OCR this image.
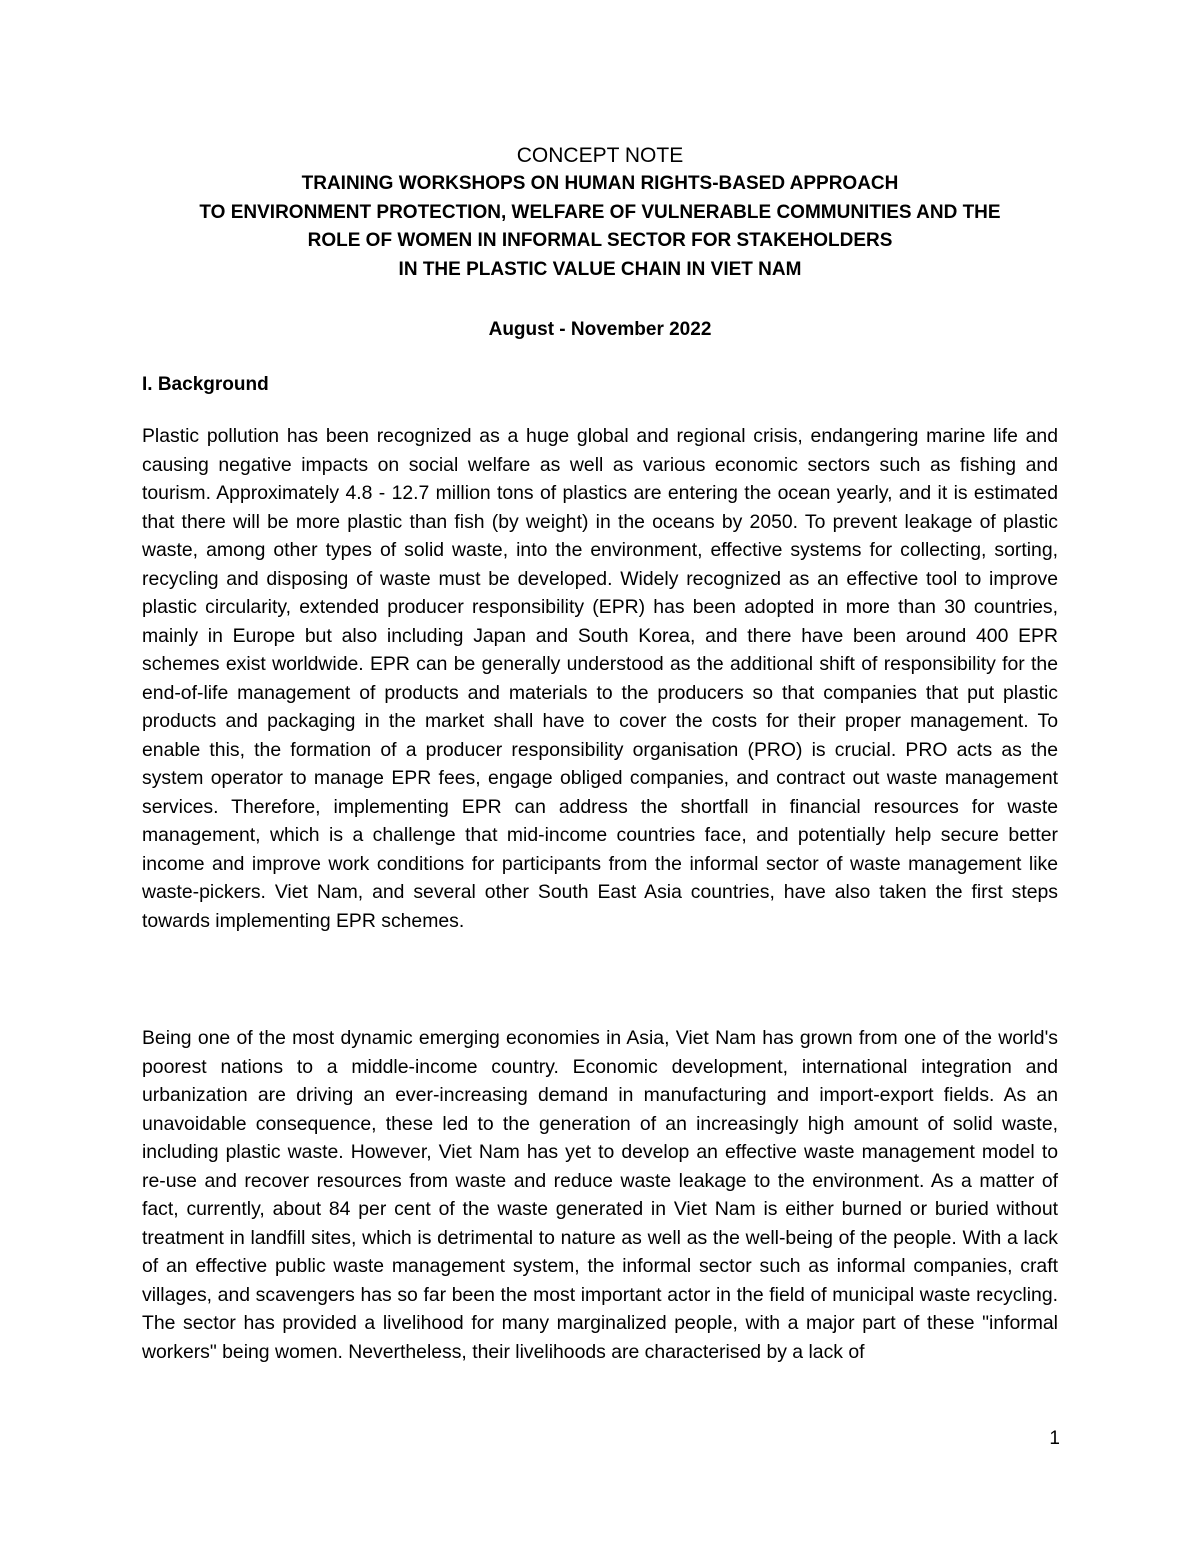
CONCEPT NOTE
TRAINING WORKSHOPS ON HUMAN RIGHTS-BASED APPROACH
TO ENVIRONMENT PROTECTION, WELFARE OF VULNERABLE COMMUNITIES AND THE
ROLE OF WOMEN IN INFORMAL SECTOR FOR STAKEHOLDERS
IN THE PLASTIC VALUE CHAIN IN VIET NAM
August - November 2022
I. Background

Plastic pollution has been recognized as a huge global and regional crisis, endangering marine life and causing negative impacts on social welfare as well as various economic sectors such as fishing and tourism. Approximately 4.8 - 12.7 million tons of plastics are entering the ocean yearly, and it is estimated that there will be more plastic than fish (by weight) in the oceans by 2050. To prevent leakage of plastic waste, among other types of solid waste, into the environment, effective systems for collecting, sorting, recycling and disposing of waste must be developed. Widely recognized as an effective tool to improve plastic circularity, extended producer responsibility (EPR) has been adopted in more than 30 countries, mainly in Europe but also including Japan and South Korea, and there have been around 400 EPR schemes exist worldwide. EPR can be generally understood as the additional shift of responsibility for the end-of-life management of products and materials to the producers so that companies that put plastic products and packaging in the market shall have to cover the costs for their proper management. To enable this, the formation of a producer responsibility organisation (PRO) is crucial. PRO acts as the system operator to manage EPR fees, engage obliged companies, and contract out waste management services. Therefore, implementing EPR can address the shortfall in financial resources for waste management, which is a challenge that mid-income countries face, and potentially help secure better income and improve work conditions for participants from the informal sector of waste management like waste-pickers. Viet Nam, and several other South East Asia countries, have also taken the first steps towards implementing EPR schemes.

Being one of the most dynamic emerging economies in Asia, Viet Nam has grown from one of the world's poorest nations to a middle-income country. Economic development, international integration and urbanization are driving an ever-increasing demand in manufacturing and import-export fields. As an unavoidable consequence, these led to the generation of an increasingly high amount of solid waste, including plastic waste. However, Viet Nam has yet to develop an effective waste management model to re-use and recover resources from waste and reduce waste leakage to the environment. As a matter of fact, currently, about 84 per cent of the waste generated in Viet Nam is either burned or buried without treatment in landfill sites, which is detrimental to nature as well as the well-being of the people. With a lack of an effective public waste management system, the informal sector such as informal companies, craft villages, and scavengers has so far been the most important actor in the field of municipal waste recycling. The sector has provided a livelihood for many marginalized people, with a major part of these "informal workers" being women. Nevertheless, their livelihoods are characterised by a lack of

1
